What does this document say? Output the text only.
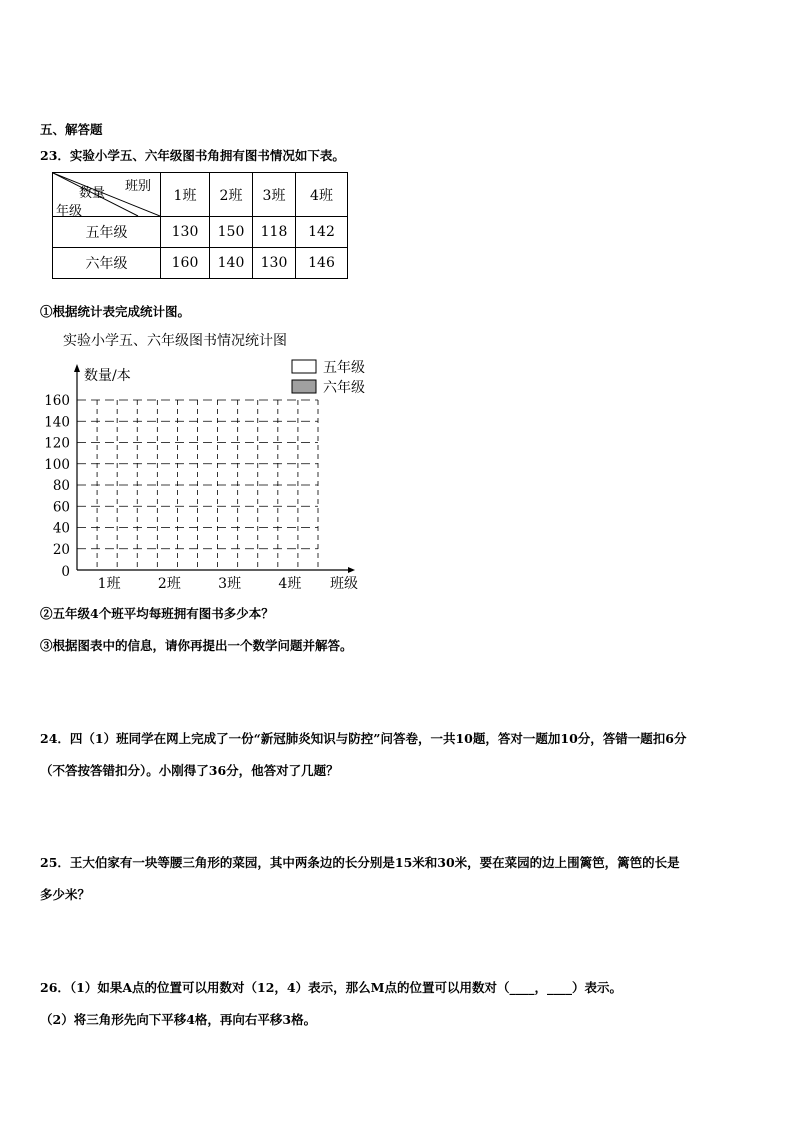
五、解答题
23．实验小学五、六年级图书角拥有图书情况如下表。
班别
数量
年级	1班	2班	3班	4班
五年级	130	150	118	142
六年级	160	140	130	146
①根据统计表完成统计图。
实验小学五、六年级图书情况统计图
0
20
40
60
80
100
120
140
160
1班	2班	3班	4班
数量/本
班级
五年级
六年级
②五年级4个班平均每班拥有图书多少本？
③根据图表中的信息，请你再提出一个数学问题并解答。
24．四（1）班同学在网上完成了一份“新冠肺炎知识与防控”问答卷，一共10题，答对一题加10分，答错一题扣6分
（不答按答错扣分）。小刚得了36分，他答对了几题？
25．王大伯家有一块等腰三角形的菜园，其中两条边的长分别是15米和30米，要在菜园的边上围篱笆，篱笆的长是
多少米？
26．（1）如果A点的位置可以用数对（12，4）表示，那么M点的位置可以用数对（____，____）表示。
（2）将三角形先向下平移4格，再向右平移3格。
